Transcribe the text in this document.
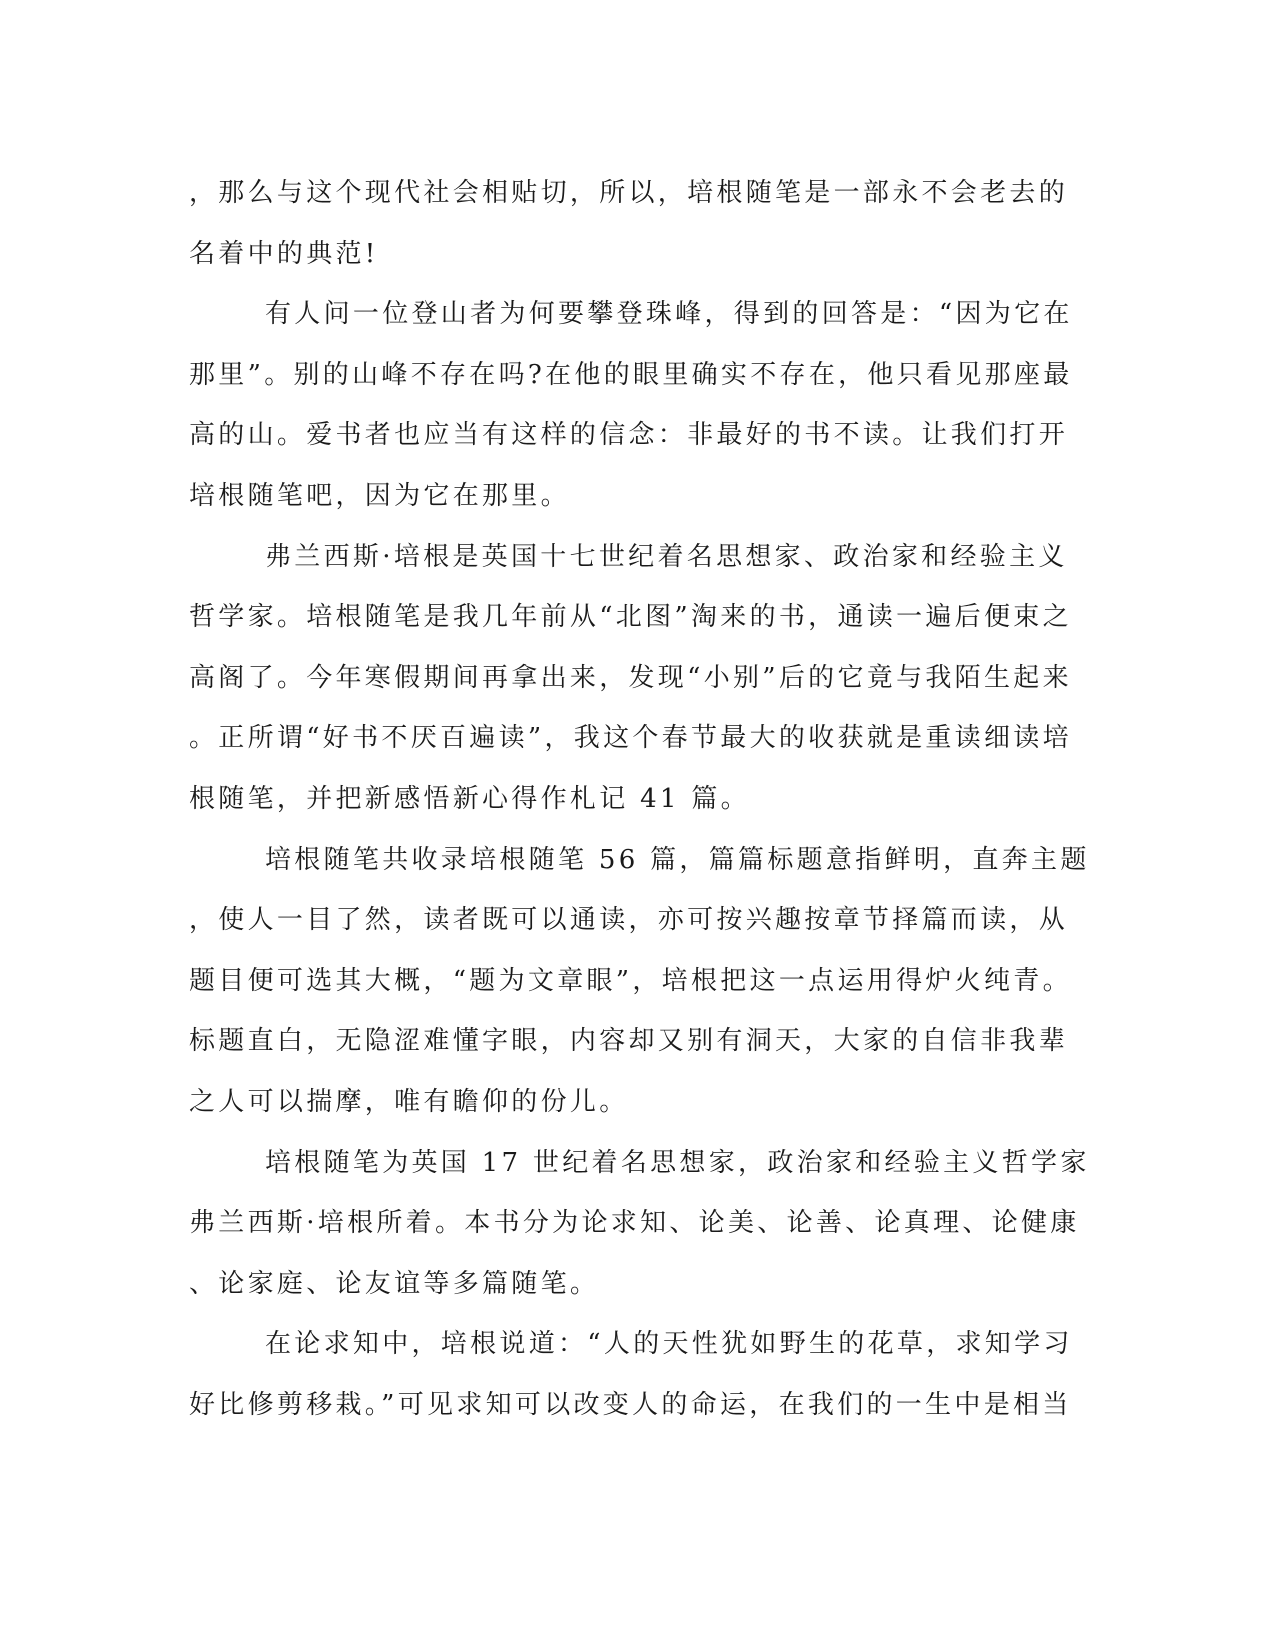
，那么与这个现代社会相贴切，所以，培根随笔是一部永不会老去的
名着中的典范!
有人问一位登山者为何要攀登珠峰，得到的回答是：“因为它在
那里”。别的山峰不存在吗?在他的眼里确实不存在，他只看见那座最
高的山。爱书者也应当有这样的信念：非最好的书不读。让我们打开
培根随笔吧，因为它在那里。
弗兰西斯·培根是英国十七世纪着名思想家、政治家和经验主义
哲学家。培根随笔是我几年前从“北图”淘来的书，通读一遍后便束之
高阁了。今年寒假期间再拿出来，发现“小别”后的它竟与我陌生起来
。正所谓“好书不厌百遍读”，我这个春节最大的收获就是重读细读培
根随笔，并把新感悟新心得作札记 41 篇。
培根随笔共收录培根随笔 56 篇，篇篇标题意指鲜明，直奔主题
，使人一目了然，读者既可以通读，亦可按兴趣按章节择篇而读，从
题目便可选其大概，“题为文章眼”，培根把这一点运用得炉火纯青。
标题直白，无隐涩难懂字眼，内容却又别有洞天，大家的自信非我辈
之人可以揣摩，唯有瞻仰的份儿。
培根随笔为英国 17 世纪着名思想家，政治家和经验主义哲学家
弗兰西斯·培根所着。本书分为论求知、论美、论善、论真理、论健康
、论家庭、论友谊等多篇随笔。
在论求知中，培根说道：“人的天性犹如野生的花草，求知学习
好比修剪移栽。”可见求知可以改变人的命运，在我们的一生中是相当
